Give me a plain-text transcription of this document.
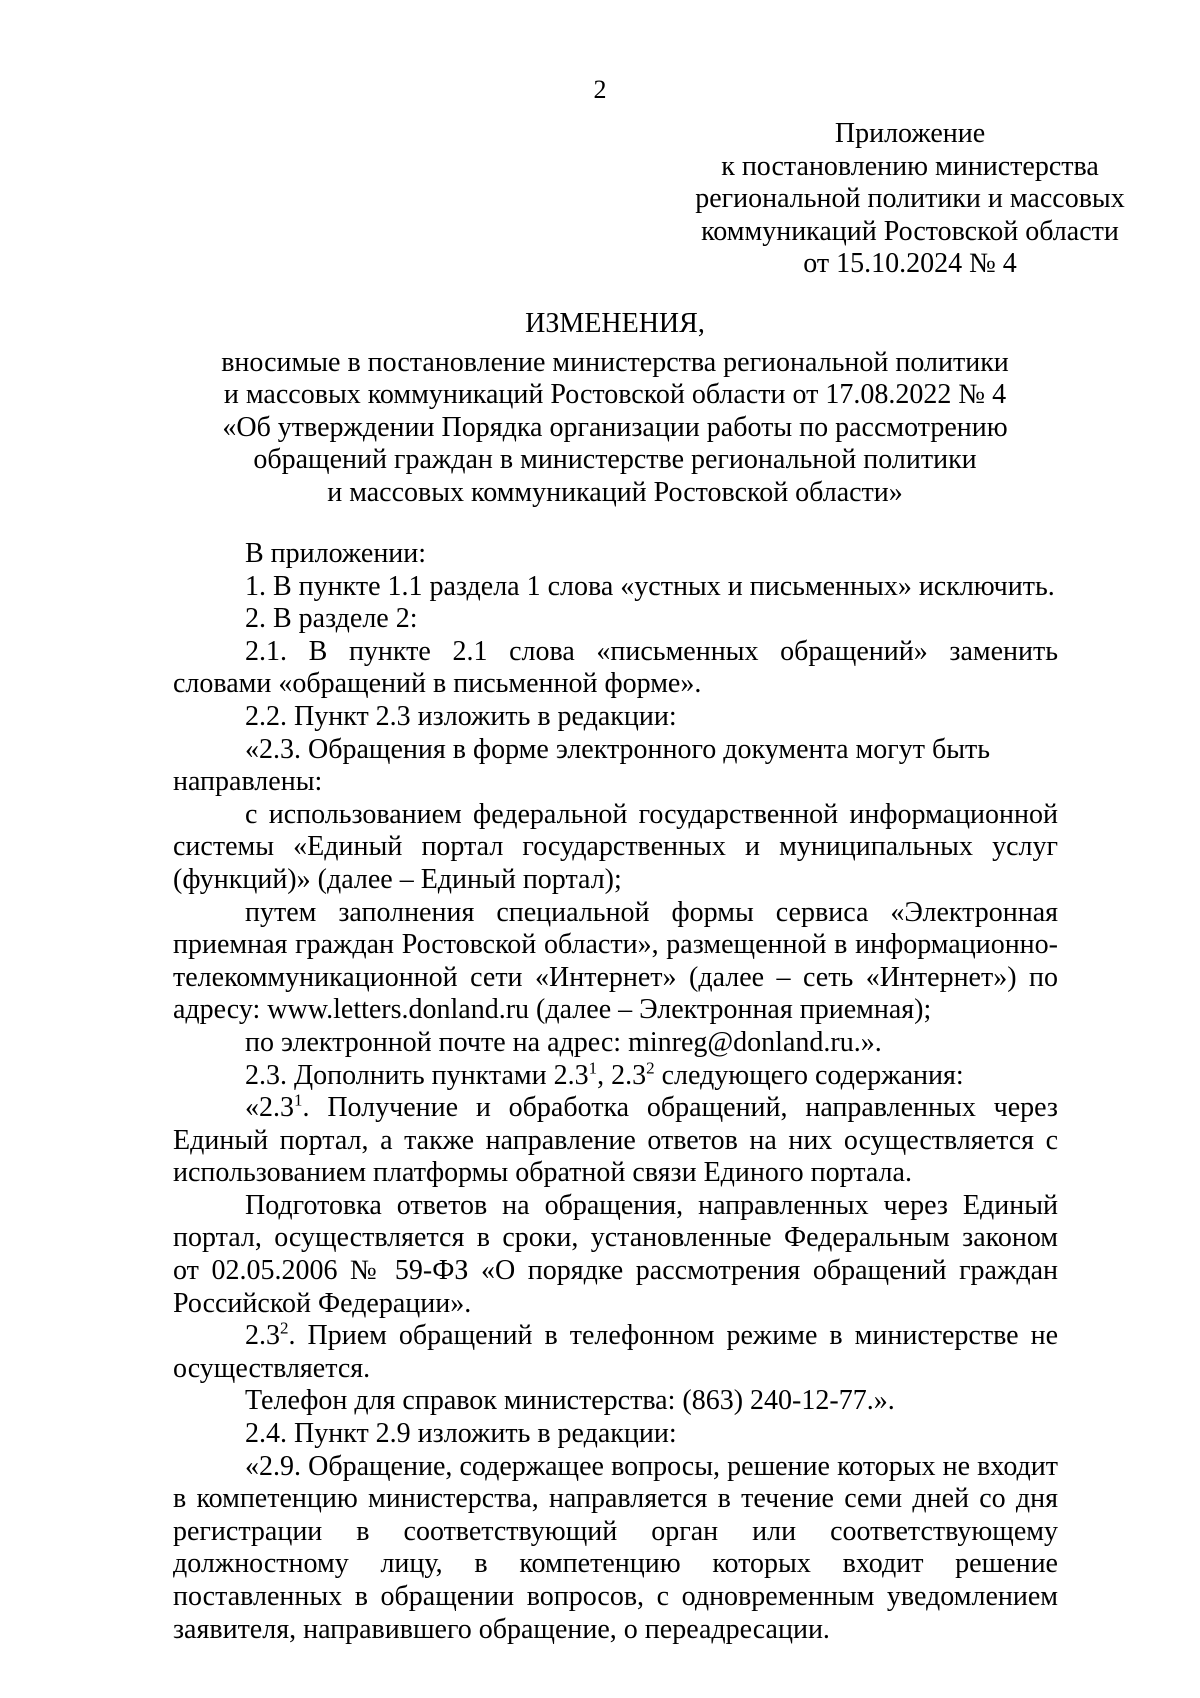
2
Приложение
к постановлению министерства
региональной политики и массовых
коммуникаций Ростовской области
от 15.10.2024 № 4
ИЗМЕНЕНИЯ,
вносимые в постановление министерства региональной политики
и массовых коммуникаций Ростовской области от 17.08.2022 № 4
«Об утверждении Порядка организации работы по рассмотрению
обращений граждан в министерстве региональной политики
и массовых коммуникаций Ростовской области»

В приложении:

1. В пункте 1.1 раздела 1 слова «устных и письменных» исключить.

2. В разделе 2:

2.1. В пункте 2.1 слова «письменных обращений» заменить словами «обращений в письменной форме».

2.2. Пункт 2.3 изложить в редакции:

«2.3. Обращения в форме электронного документа могут быть направлены:

с использованием федеральной государственной информационной системы «Единый портал государственных и муниципальных услуг (функций)» (далее – Единый портал);

путем заполнения специальной формы сервиса «Электронная приемная граждан Ростовской области», размещенной в информационно-телекоммуникационной сети «Интернет» (далее – сеть «Интернет») по адресу: www.letters.donland.ru (далее – Электронная приемная);

по электронной почте на адрес: minreg@donland.ru.».

2.3. Дополнить пунктами $2.3^1$, $2.3^2$ следующего содержания:

«$2.3^1$. Получение и обработка обращений, направленных через Единый портал, а также направление ответов на них осуществляется с использованием платформы обратной связи Единого портала.

Подготовка ответов на обращения, направленных через Единый портал, осуществляется в сроки, установленные Федеральным законом от 02.05.2006 № 59-ФЗ «О порядке рассмотрения обращений граждан Российской Федерации».

$2.3^2$. Прием обращений в телефонном режиме в министерстве не осуществляется.

Телефон для справок министерства: (863) 240-12-77.».

2.4. Пункт 2.9 изложить в редакции:

«2.9. Обращение, содержащее вопросы, решение которых не входит в компетенцию министерства, направляется в течение семи дней со дня регистрации в соответствующий орган или соответствующему должностному лицу, в компетенцию которых входит решение поставленных в обращении вопросов, с одновременным уведомлением заявителя, направившего обращение, о переадресации.
